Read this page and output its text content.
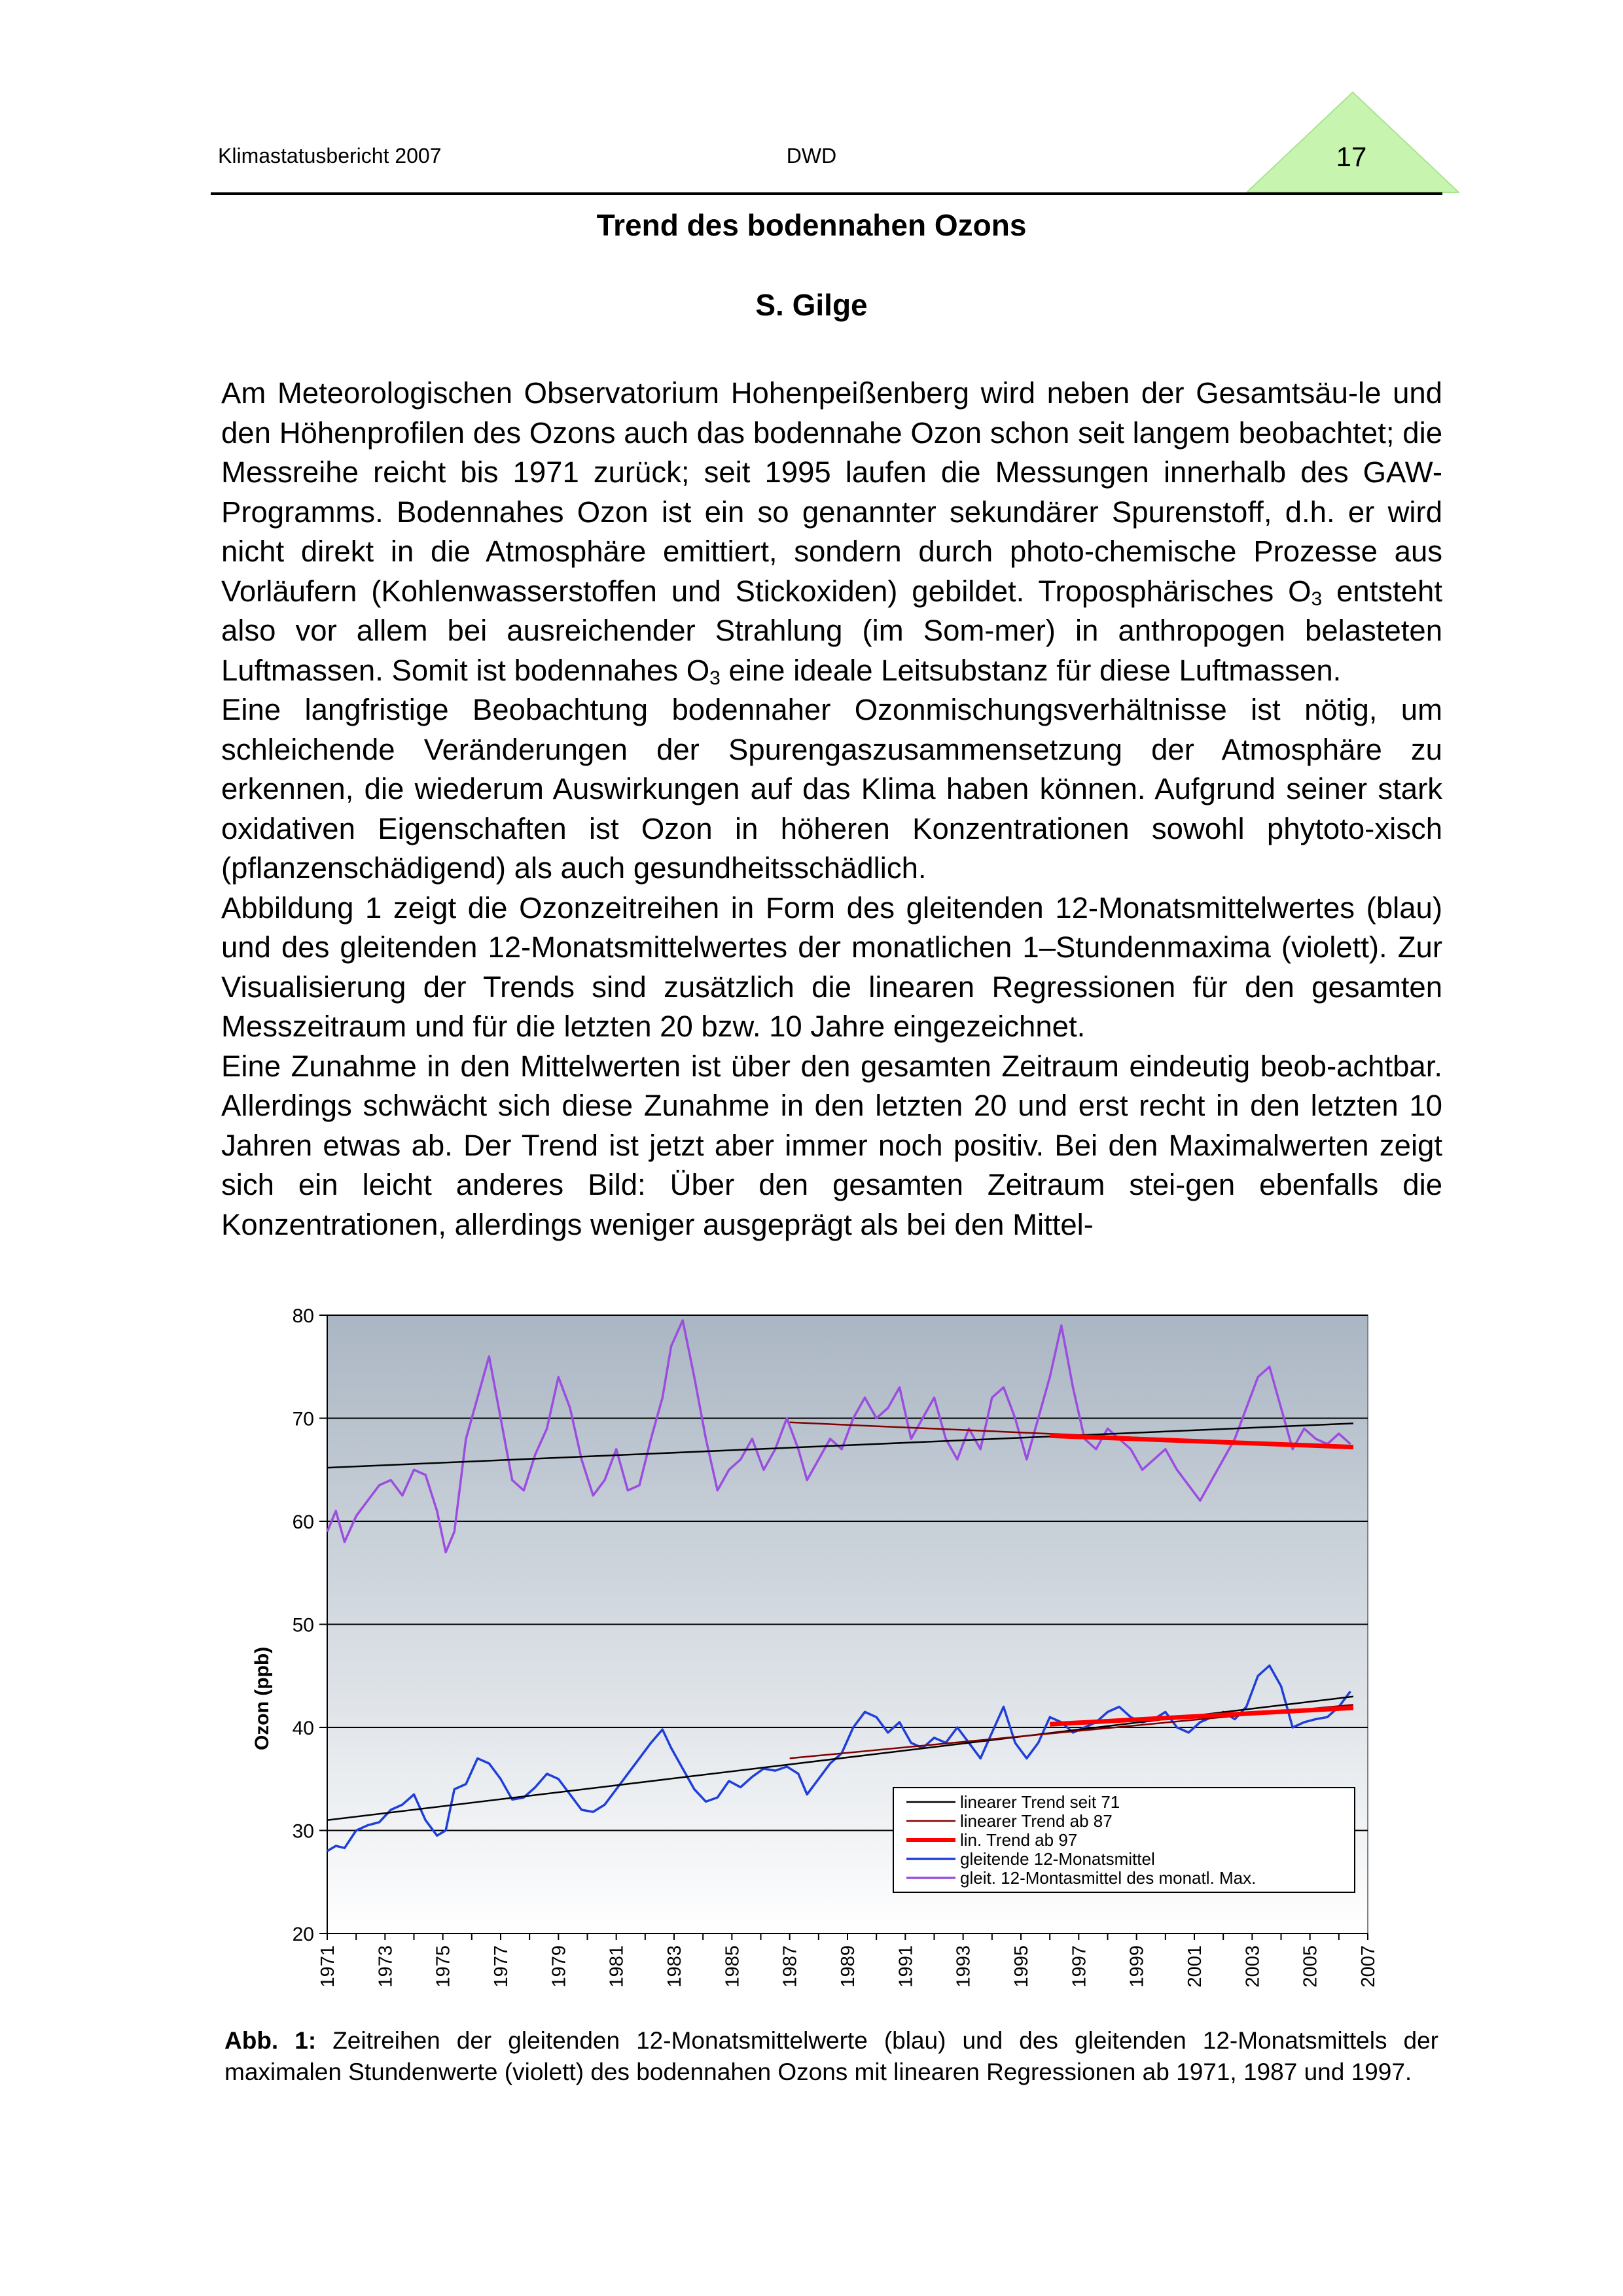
Klimastatusbericht 2007	DWD	17
Trend des bodennahen Ozons
S. Gilge

Am Meteorologischen Observatorium Hohenpeißenberg wird neben der Gesamtsäu-le und den Höhenprofilen des Ozons auch das bodennahe Ozon schon seit langem beobachtet; die Messreihe reicht bis 1971 zurück; seit 1995 laufen die Messungen innerhalb des GAW-Programms. Bodennahes Ozon ist ein so genannter sekundärer Spurenstoff, d.h. er wird nicht direkt in die Atmosphäre emittiert, sondern durch photo-chemische Prozesse aus Vorläufern (Kohlenwasserstoffen und Stickoxiden) gebildet. Troposphärisches $O_3$ entsteht also vor allem bei ausreichender Strahlung (im Som-mer) in anthropogen belasteten Luftmassen. Somit ist bodennahes $O_3$ eine ideale Leitsubstanz für diese Luftmassen.

Eine langfristige Beobachtung bodennaher Ozonmischungsverhältnisse ist nötig, um schleichende Veränderungen der Spurengaszusammensetzung der Atmosphäre zu erkennen, die wiederum Auswirkungen auf das Klima haben können. Aufgrund seiner stark oxidativen Eigenschaften ist Ozon in höheren Konzentrationen sowohl phytoto-xisch (pflanzenschädigend) als auch gesundheitsschädlich.

Abbildung 1 zeigt die Ozonzeitreihen in Form des gleitenden 12-Monatsmittelwertes (blau) und des gleitenden 12-Monatsmittelwertes der monatlichen 1–Stundenmaxima (violett). Zur Visualisierung der Trends sind zusätzlich die linearen Regressionen für den gesamten Messzeitraum und für die letzten 20 bzw. 10 Jahre eingezeichnet.

Eine Zunahme in den Mittelwerten ist über den gesamten Zeitraum eindeutig beob-achtbar. Allerdings schwächt sich diese Zunahme in den letzten 20 und erst recht in den letzten 10 Jahren etwas ab. Der Trend ist jetzt aber immer noch positiv. Bei den Maximalwerten zeigt sich ein leicht anderes Bild: Über den gesamten Zeitraum stei-gen ebenfalls die Konzentrationen, allerdings weniger ausgeprägt als bei den Mittel-

20
30
40
50
60
70
80
1971 1973 1975 1977 1979 1981 1983 1985 1987 1989 1991 1993 1995 1997 1999 2001 2003 2005 2007
Ozon (ppb)
linearer Trend seit 71
linearer Trend ab 87
lin. Trend ab 97
gleitende 12-Monatsmittel
gleit. 12-Montasmittel des monatl. Max.
Abb. 1: Zeitreihen der gleitenden 12-Monatsmittelwerte (blau) und des gleitenden 12-Monatsmittels der maximalen Stundenwerte (violett) des bodennahen Ozons mit linearen Regressionen ab 1971, 1987 und 1997.
